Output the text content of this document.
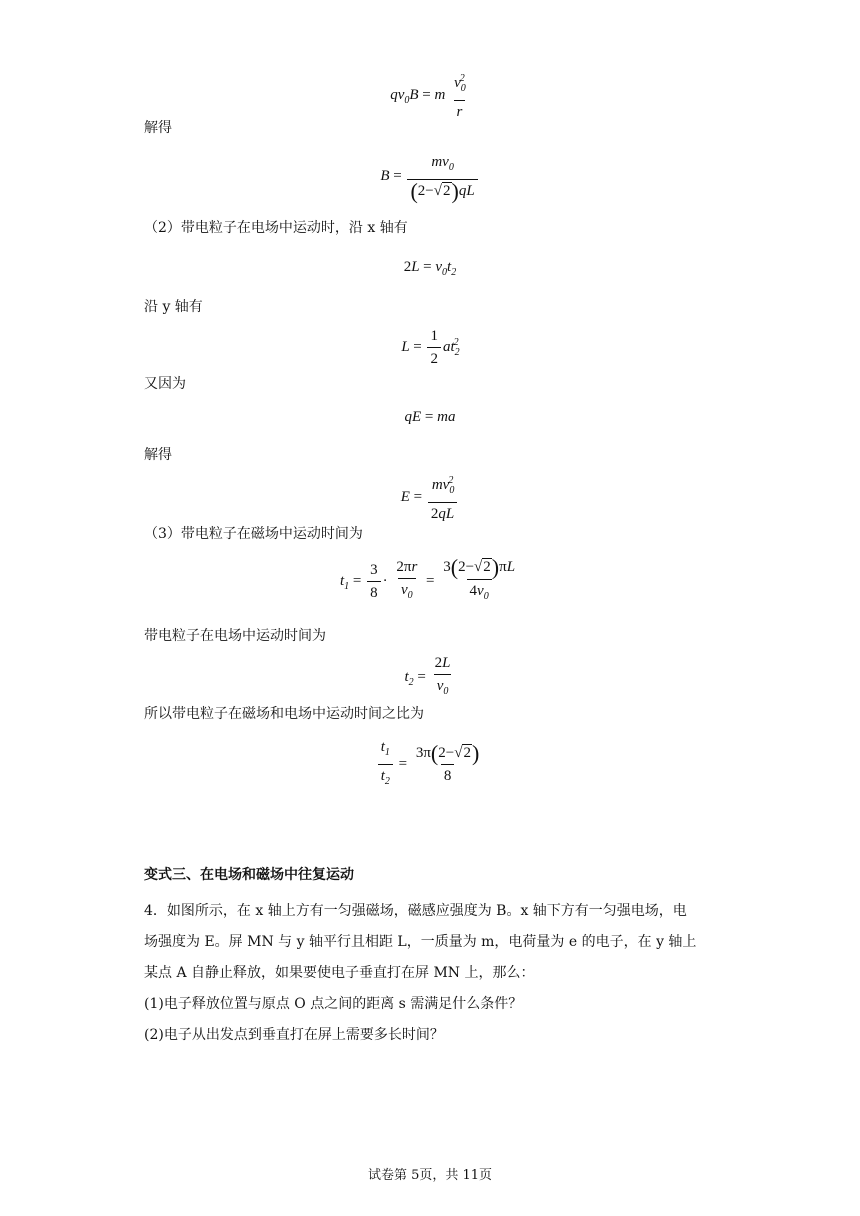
$qv_0B = m \frac{v_0^2}{r}$
解得
$B = \frac{mv_0}{(2-√2)qL}$
（2）带电粒子在电场中运动时，沿 x 轴有
$2L = v_0t_2$
沿 y 轴有
$L = \frac{1}{2} at_2^2$
又因为
qE = ma
解得
$E = \frac{mv_0^2}{2qL}$
（3）带电粒子在磁场中运动时间为
$t_1 = \frac{3}{8} \cdot \frac{2\pi r}{v_0} = \frac{3(2-√2)\pi L}{4v_0}$
带电粒子在电场中运动时间为
$t_2 = \frac{2L}{v_0}$
所以带电粒子在磁场和电场中运动时间之比为
$\frac{t_1}{t_2} = \frac{3\pi(2-√2)}{8}$
变式三、在电场和磁场中往复运动
4．如图所示，在 x 轴上方有一匀强磁场，磁感应强度为 B。x 轴下方有一匀强电场，电
场强度为 E。屏 MN 与 y 轴平行且相距 L，一质量为 m，电荷量为 e 的电子，在 y 轴上
某点 A 自静止释放，如果要使电子垂直打在屏 MN 上，那么：
(1)电子释放位置与原点 O 点之间的距离 s 需满足什么条件？
(2)电子从出发点到垂直打在屏上需要多长时间？
试卷第 5页，共 11页
